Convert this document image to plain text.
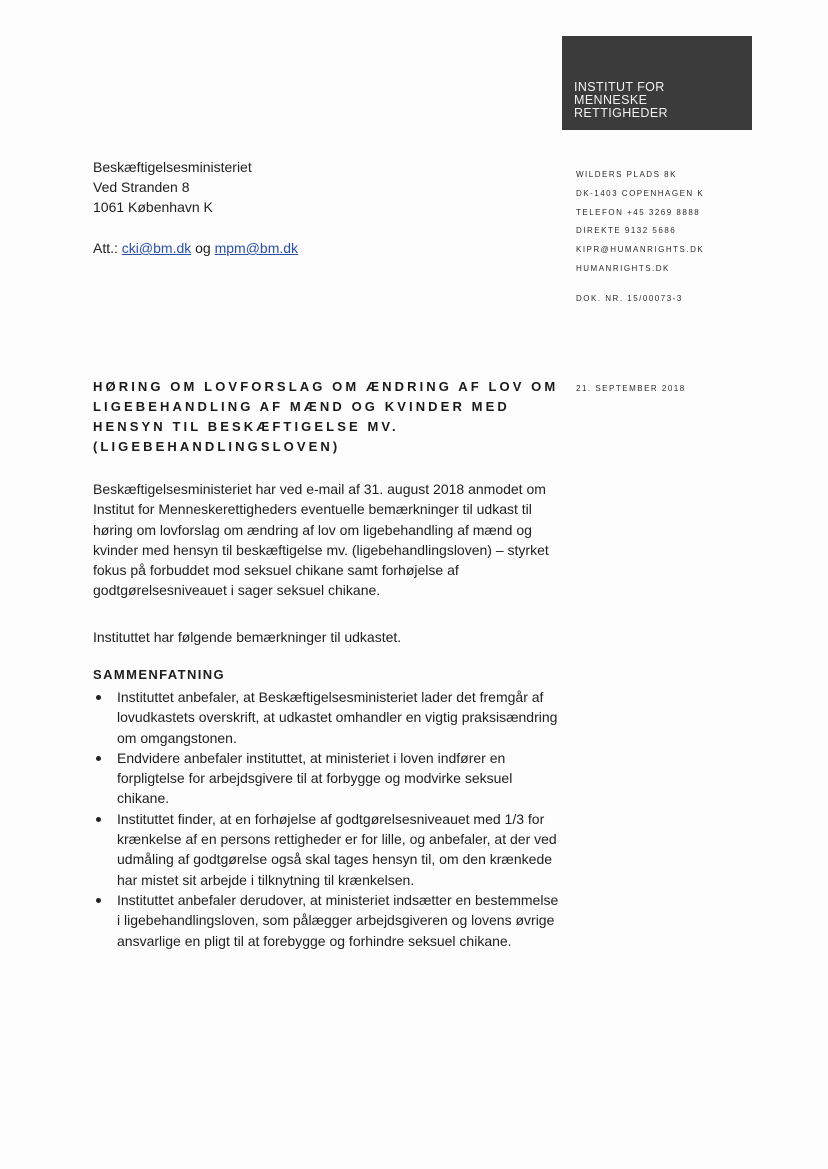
INSTITUT FOR
MENNESKE
RETTIGHEDER
Beskæftigelsesministeriet
Ved Stranden 8
1061 København K
Att.: cki@bm.dk og mpm@bm.dk
WILDERS PLADS 8K
DK-1403 COPENHAGEN K
TELEFON +45 3269 8888
DIREKTE 9132 5686
KIPR@HUMANRIGHTS.DK
HUMANRIGHTS.DK
DOK. NR. 15/00073-3
21. SEPTEMBER 2018
HØRING OM LOVFORSLAG OM ÆNDRING AF LOV OM
LIGEBEHANDLING AF MÆND OG KVINDER MED
HENSYN TIL BESKÆFTIGELSE MV.
(LIGEBEHANDLINGSLOVEN)

Beskæftigelsesministeriet har ved e-mail af 31. august 2018 anmodet om Institut for Menneskerettigheders eventuelle bemærkninger til udkast til høring om lovforslag om ændring af lov om ligebehandling af mænd og kvinder med hensyn til beskæftigelse mv. (ligebehandlingsloven) – styrket fokus på forbuddet mod seksuel chikane samt forhøjelse af godtgørelsesniveauet i sager seksuel chikane.

Instituttet har følgende bemærkninger til udkastet.
SAMMENFATNING
Instituttet anbefaler, at Beskæftigelsesministeriet lader det fremgår af lovudkastets overskrift, at udkastet omhandler en vigtig praksisændring om omgangstonen.
Endvidere anbefaler instituttet, at ministeriet i loven indfører en forpligtelse for arbejdsgivere til at forbygge og modvirke seksuel chikane.
Instituttet finder, at en forhøjelse af godtgørelsesniveauet med 1/3 for krænkelse af en persons rettigheder er for lille, og anbefaler, at der ved udmåling af godtgørelse også skal tages hensyn til, om den krænkede har mistet sit arbejde i tilknytning til krænkelsen.
Instituttet anbefaler derudover, at ministeriet indsætter en bestemmelse i ligebehandlingsloven, som pålægger arbejdsgiveren og lovens øvrige ansvarlige en pligt til at forebygge og forhindre seksuel chikane.
